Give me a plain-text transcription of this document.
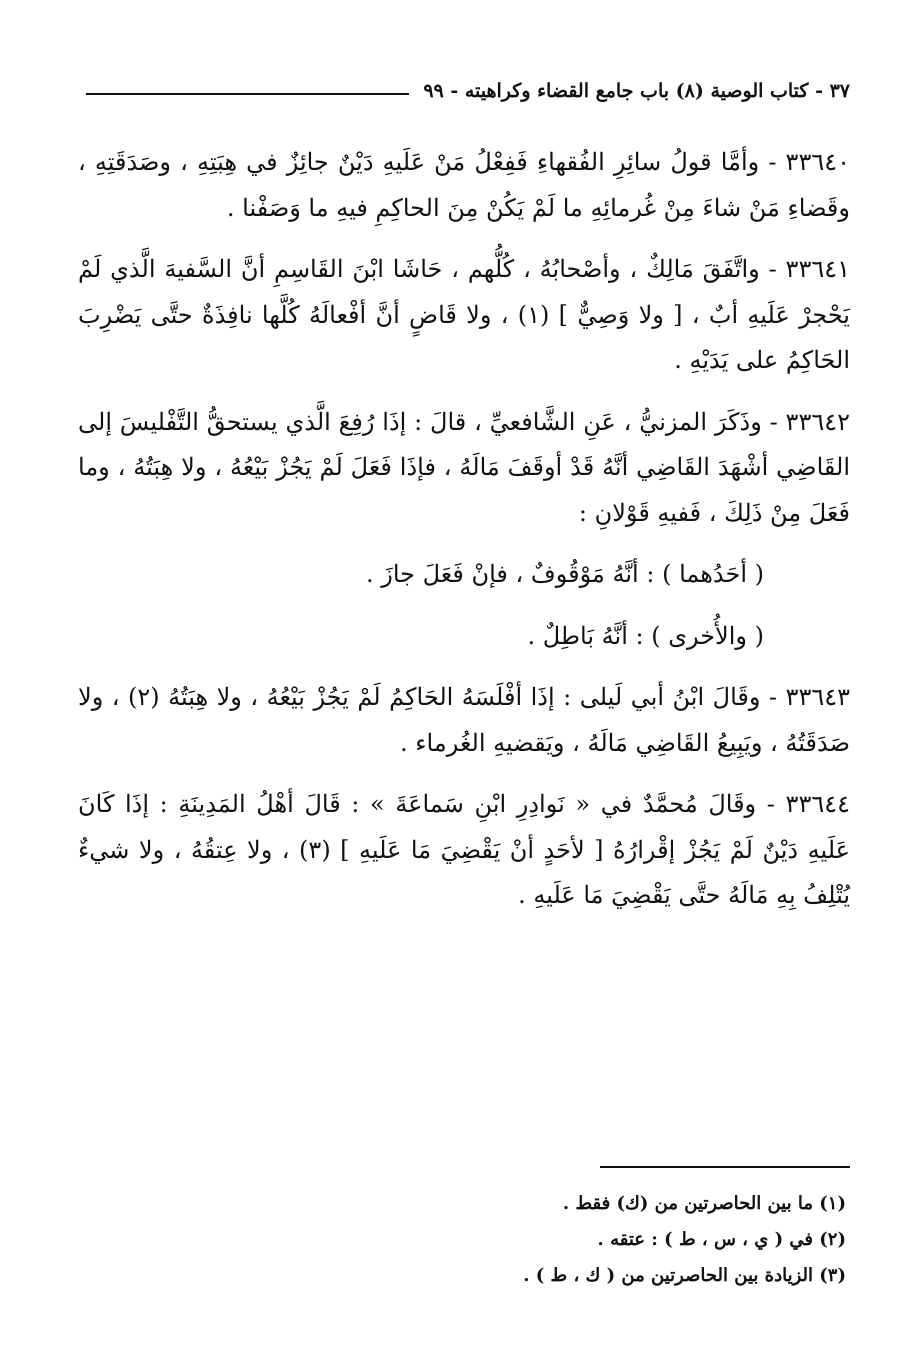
٣٧ - كتاب الوصية (٨) باب جامع القضاء وكراهيته - ٩٩

٣٣٦٤٠ - وأمَّا قولُ سائِرِ الفُقهاءِ فَفِعْلُ مَنْ عَلَيهِ دَيْنٌ جائِزٌ في هِبَتِهِ ، وصَدَقَتِهِ ، وقَضاءِ مَنْ شاءَ مِنْ غُرمائِهِ ما لَمْ يَكُنْ مِنَ الحاكِمِ فيهِ ما وَصَفْنا .

٣٣٦٤١ - واتَّفَقَ مَالِكٌ ، وأصْحابُهُ ، كُلُّهم ، حَاشَا ابْنَ القَاسِمِ أنَّ السَّفيهَ الَّذي لَمْ يَحْجرْ عَلَيهِ أبٌ ، [ ولا وَصِيٌّ ] (١) ، ولا قَاضٍ أنَّ أفْعالَهُ كُلَّها نافِذَةٌ حتَّى يَضْرِبَ الحَاكِمُ على يَدَيْهِ .

٣٣٦٤٢ - وذَكَرَ المزنيُّ ، عَنِ الشَّافعيِّ ، قالَ : إذَا رُفِعَ الَّذي يستحقُّ التَّفْليسَ إلى القَاضِي أشْهَدَ القَاضِي أنَّهُ قَدْ أوقَفَ مَالَهُ ، فإذَا فَعَلَ لَمْ يَجُزْ بَيْعُهُ ، ولا هِبَتُهُ ، وما فَعَلَ مِنْ ذَلِكَ ، فَفيهِ قَوْلانِ :

( أحَدُهما ) : أنَّهُ مَوْقُوفٌ ، فإنْ فَعَلَ جازَ .

( والأُخرى ) : أنَّهُ بَاطِلٌ .

٣٣٦٤٣ - وقَالَ ابْنُ أبي لَيلى : إذَا أفْلَسَهُ الحَاكِمُ لَمْ يَجُزْ بَيْعُهُ ، ولا هِبَتُهُ (٢) ، ولا صَدَقَتُهُ ، ويَبِيعُ القَاضِي مَالَهُ ، ويَقضيهِ الغُرماء .

٣٣٦٤٤ - وقَالَ مُحمَّدٌ في « نَوادِرِ ابْنِ سَماعَةَ » : قَالَ أهْلُ المَدِينَةِ : إذَا كَانَ عَلَيهِ دَيْنٌ لَمْ يَجُزْ إقْرارُهُ [ لأحَدٍ أنْ يَقْضِيَ مَا عَلَيهِ ] (٣) ، ولا عِتقُهُ ، ولا شيءٌ يُتْلِفُ بِهِ مَالَهُ حتَّى يَقْضِيَ مَا عَلَيهِ .

(١) ما بين الحاصرتين من (ك) فقط .
(٢) في ( ي ، س ، ط ) : عتقه .
(٣) الزيادة بين الحاصرتين من ( ك ، ط ) .
